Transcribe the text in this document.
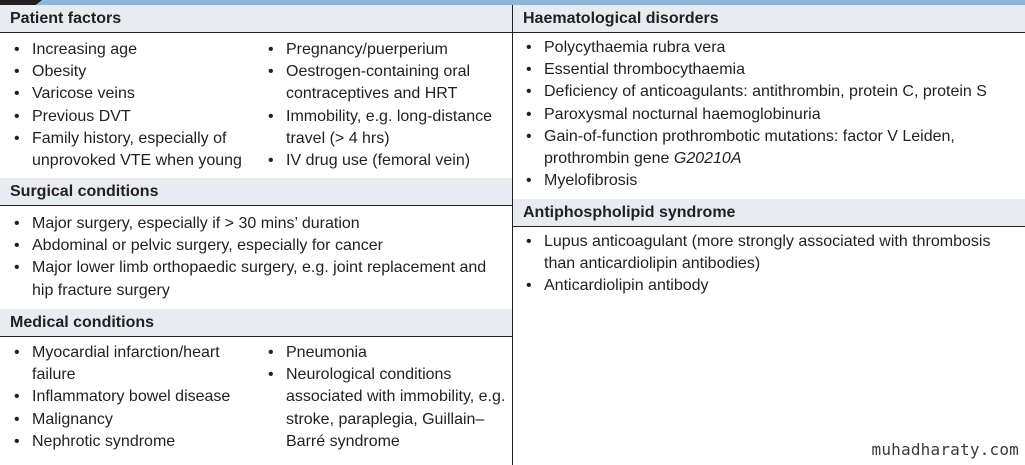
Patient factors
• Increasing age
• Obesity
• Varicose veins
• Previous DVT
• Family history, especially of unprovoked VTE when young
• Pregnancy/puerperium
• Oestrogen-containing oral contraceptives and HRT
• Immobility, e.g. long-distance travel (> 4 hrs)
• IV drug use (femoral vein)
Surgical conditions
• Major surgery, especially if > 30 mins’ duration
• Abdominal or pelvic surgery, especially for cancer
• Major lower limb orthopaedic surgery, e.g. joint replacement and hip fracture surgery
Medical conditions
• Myocardial infarction/heart failure
• Inflammatory bowel disease
• Malignancy
• Nephrotic syndrome
• Pneumonia
• Neurological conditions associated with immobility, e.g. stroke, paraplegia, Guillain–Barré syndrome
Haematological disorders
• Polycythaemia rubra vera
• Essential thrombocythaemia
• Deficiency of anticoagulants: antithrombin, protein C, protein S
• Paroxysmal nocturnal haemoglobinuria
• Gain-of-function prothrombotic mutations: factor V Leiden, prothrombin gene G20210A
• Myelofibrosis
Antiphospholipid syndrome
• Lupus anticoagulant (more strongly associated with thrombosis than anticardiolipin antibodies)
• Anticardiolipin antibody
muhadharaty.com
